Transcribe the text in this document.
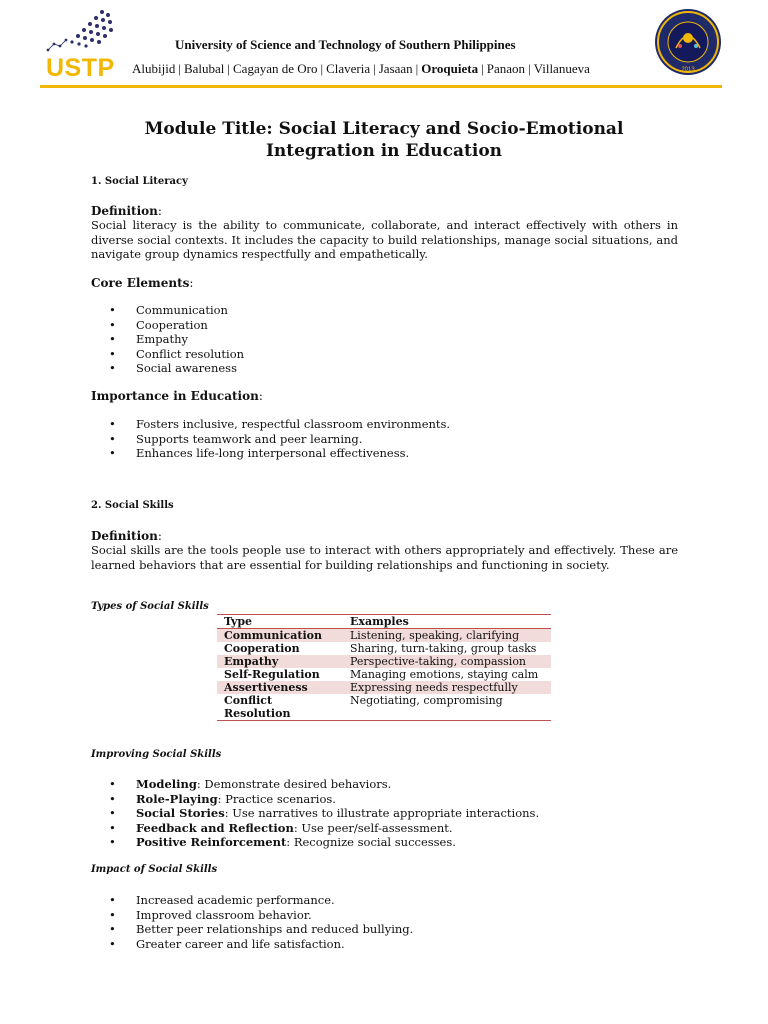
USTP
University of Science and Technology of Southern Philippines
Alubijid | Balubal | Cagayan de Oro | Claveria | Jasaan | Oroquieta | Panaon | Villanueva	2013
Module Title: Social Literacy and Socio-Emotional Integration in Education
1. Social Literacy
Definition:
Social literacy is the ability to communicate, collaborate, and interact effectively with others in diverse social contexts. It includes the capacity to build relationships, manage social situations, and navigate group dynamics respectfully and empathetically.
Core Elements:
• Communication
• Cooperation
• Empathy
• Conflict resolution
• Social awareness
Importance in Education:
• Fosters inclusive, respectful classroom environments.
• Supports teamwork and peer learning.
• Enhances life-long interpersonal effectiveness.
2. Social Skills
Definition:
Social skills are the tools people use to interact with others appropriately and effectively. These are learned behaviors that are essential for building relationships and functioning in society.
Types of Social Skills
Improving Social Skills
• Modeling: Demonstrate desired behaviors.
• Role-Playing: Practice scenarios.
• Social Stories: Use narratives to illustrate appropriate interactions.
• Feedback and Reflection: Use peer/self-assessment.
• Positive Reinforcement: Recognize social successes.
Impact of Social Skills
• Increased academic performance.
• Improved classroom behavior.
• Better peer relationships and reduced bullying.
• Greater career and life satisfaction.
Type	Examples
Communication	Listening, speaking, clarifying
Cooperation	Sharing, turn-taking, group tasks
Empathy	Perspective-taking, compassion
Self-Regulation	Managing emotions, staying calm
Assertiveness	Expressing needs respectfully
Conflict Resolution	Negotiating, compromising
